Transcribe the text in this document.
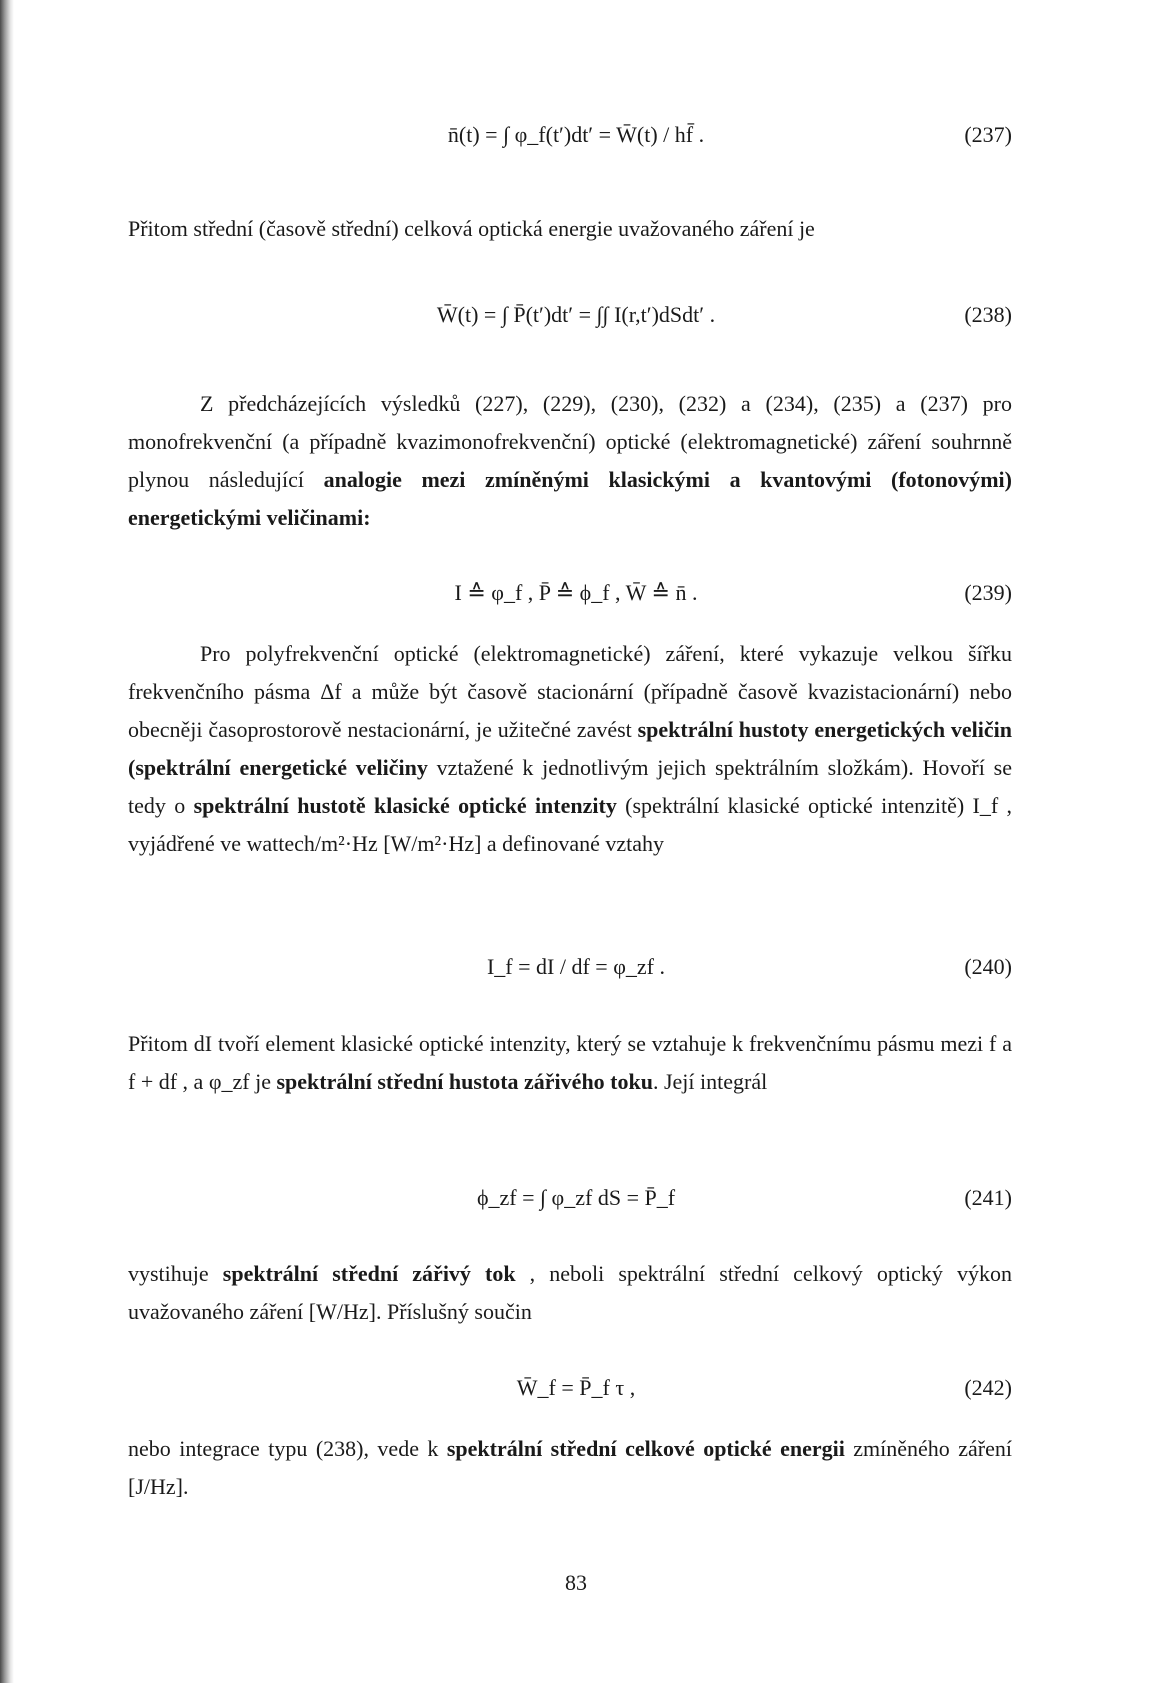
n̄(t) = ∫ φ_f(t′)dt′ = W̄(t) / hf̄ .	(237)

Přitom střední (časově střední) celková optická energie uvažovaného záření je

W̄(t) = ∫ P̄(t′)dt′ = ∫∫ I(r,t′)dSdt′ .	(238)

Z předcházejících výsledků (227), (229), (230), (232) a (234), (235) a (237) pro monofrekvenční (a případně kvazimonofrekvenční) optické (elektromagnetické) záření souhrnně plynou následující analogie mezi zmíněnými klasickými a kvantovými (fotonovými) energetickými veličinami:

I ≙ φ_f , P̄ ≙ ϕ_f , W̄ ≙ n̄ .	(239)

Pro polyfrekvenční optické (elektromagnetické) záření, které vykazuje velkou šířku frekvenčního pásma Δf a může být časově stacionární (případně časově kvazistacionární) nebo obecněji časoprostorově nestacionární, je užitečné zavést spektrální hustoty energetických veličin (spektrální energetické veličiny vztažené k jednotlivým jejich spektrálním složkám). Hovoří se tedy o spektrální hustotě klasické optické intenzity (spektrální klasické optické intenzitě) I_f , vyjádřené ve wattech/m²·Hz [W/m²·Hz] a definované vztahy

I_f = dI / df = φ_zf .	(240)

Přitom dI tvoří element klasické optické intenzity, který se vztahuje k frekvenčnímu pásmu mezi f a f + df , a φ_zf je spektrální střední hustota zářivého toku. Její integrál

ϕ_zf = ∫ φ_zf dS = P̄_f	(241)

vystihuje spektrální střední zářivý tok , neboli spektrální střední celkový optický výkon uvažovaného záření [W/Hz]. Příslušný součin

W̄_f = P̄_f τ ,	(242)

nebo integrace typu (238), vede k spektrální střední celkové optické energii zmíněného záření [J/Hz].

83
